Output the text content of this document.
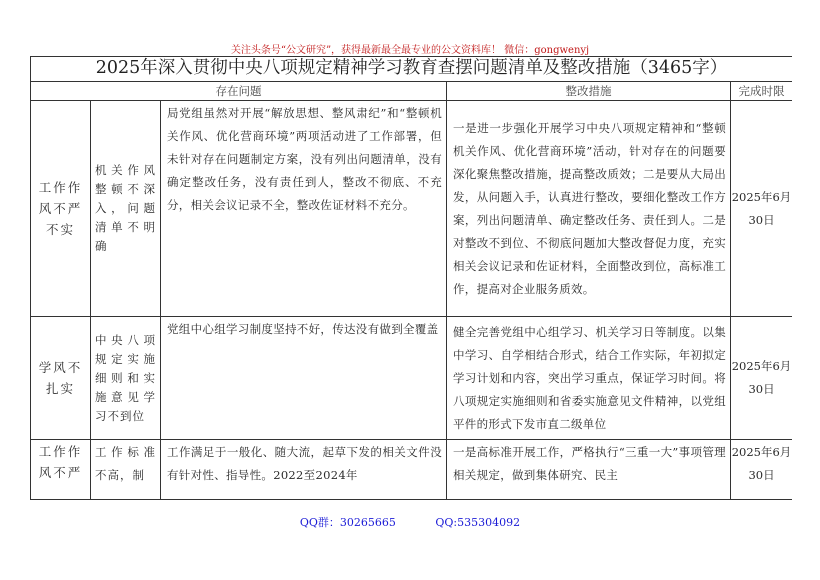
关注头条号“公文研究”，获得最新最全最专业的公文资料库！ 微信：gongwenyj
2025年深入贯彻中央八项规定精神学习教育查摆问题清单及整改措施（3465字）				
存在问题			整改措施	完成时限
工作作风不严不实	机关作风整顿不深入，问题清单不明确	局党组虽然对开展“解放思想、整风肃纪”和“整顿机关作风、优化营商环境”两项活动进了工作部署，但未针对存在问题制定方案，没有列出问题清单，没有确定整改任务，没有责任到人，整改不彻底、不充分，相关会议记录不全，整改佐证材料不充分。	一是进一步强化开展学习中央八项规定精神和“整顿机关作风、优化营商环境”活动，针对存在的问题要深化聚焦整改措施，提高整改质效；二是要从大局出发，从问题入手，认真进行整改，要细化整改工作方案，列出问题清单、确定整改任务、责任到人。二是对整改不到位、不彻底问题加大整改督促力度，充实相关会议记录和佐证材料，全面整改到位，高标准工作，提高对企业服务质效。	2025年6月30日
学风不扎实	中央八项规定实施细则和实施意见学习不到位	党组中心组学习制度坚持不好，传达没有做到全覆盖	健全完善党组中心组学习、机关学习日等制度。以集中学习、自学相结合形式，结合工作实际，年初拟定学习计划和内容，突出学习重点，保证学习时间。将八项规定实施细则和省委实施意见文件精神，以党组平件的形式下发市直二级单位	2025年6月30日
工作作风不严	工作标准不高，制	工作满足于一般化、随大流，起草下发的相关文件没有针对性、指导性。2022至2024年	一是高标准开展工作，严格执行“三重一大”事项管理相关规定，做到集体研究、民主	2025年6月30日
QQ群：30265665	QQ:535304092
